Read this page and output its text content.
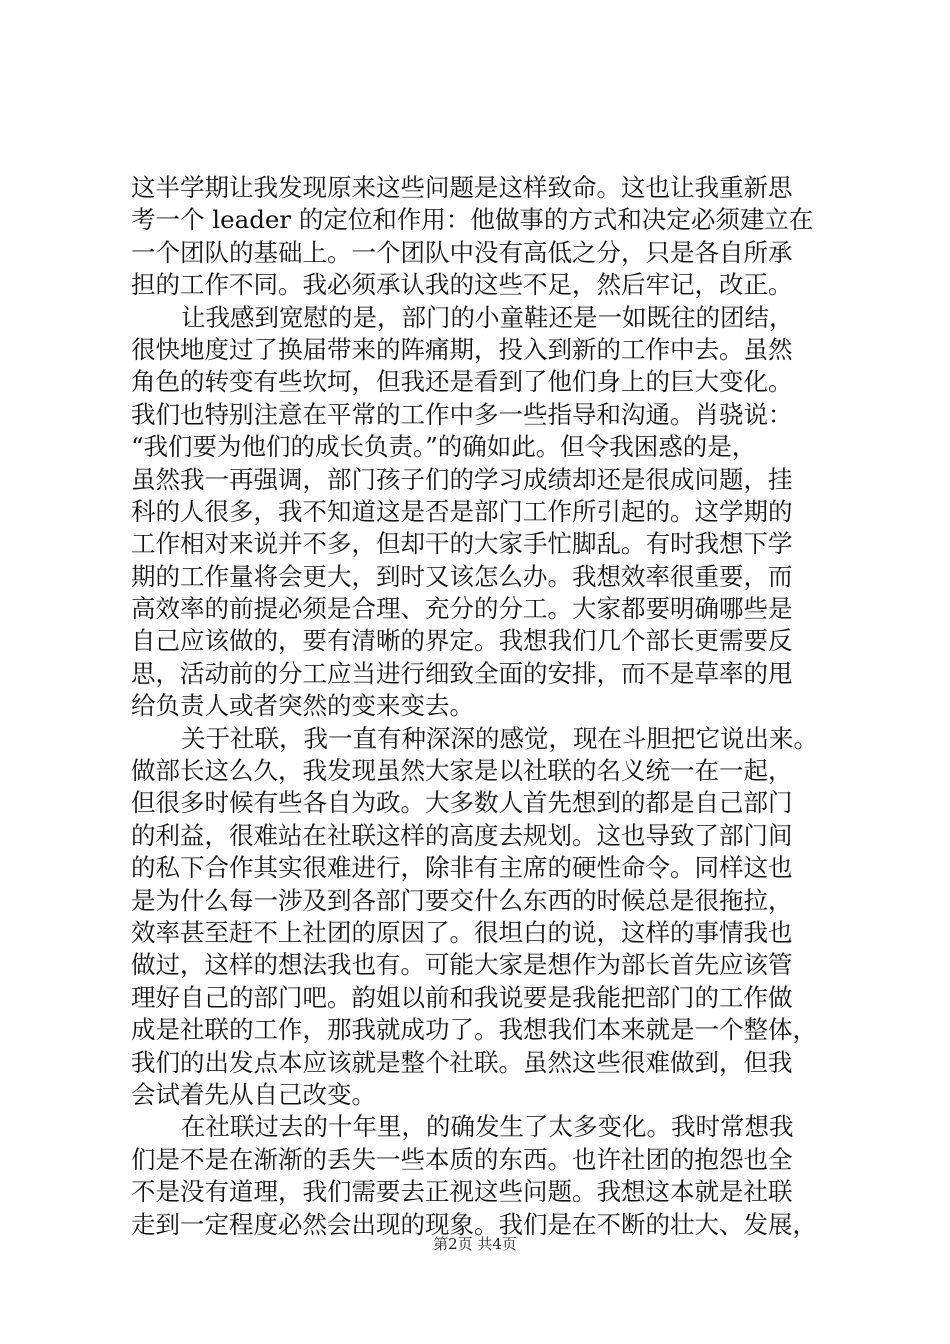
这半学期让我发现原来这些问题是这样致命。这也让我重新思
考一个 leader 的定位和作用：他做事的方式和决定必须建立在
一个团队的基础上。一个团队中没有高低之分，只是各自所承
担的工作不同。我必须承认我的这些不足，然后牢记，改正。
让我感到宽慰的是，部门的小童鞋还是一如既往的团结，
很快地度过了换届带来的阵痛期，投入到新的工作中去。虽然
角色的转变有些坎坷，但我还是看到了他们身上的巨大变化。
我们也特别注意在平常的工作中多一些指导和沟通。肖骁说：
“我们要为他们的成长负责。”的确如此。但令我困惑的是，
虽然我一再强调，部门孩子们的学习成绩却还是很成问题，挂
科的人很多，我不知道这是否是部门工作所引起的。这学期的
工作相对来说并不多，但却干的大家手忙脚乱。有时我想下学
期的工作量将会更大，到时又该怎么办。我想效率很重要，而
高效率的前提必须是合理、充分的分工。大家都要明确哪些是
自己应该做的，要有清晰的界定。我想我们几个部长更需要反
思，活动前的分工应当进行细致全面的安排，而不是草率的甩
给负责人或者突然的变来变去。
关于社联，我一直有种深深的感觉，现在斗胆把它说出来。
做部长这么久，我发现虽然大家是以社联的名义统一在一起，
但很多时候有些各自为政。大多数人首先想到的都是自己部门
的利益，很难站在社联这样的高度去规划。这也导致了部门间
的私下合作其实很难进行，除非有主席的硬性命令。同样这也
是为什么每一涉及到各部门要交什么东西的时候总是很拖拉，
效率甚至赶不上社团的原因了。很坦白的说，这样的事情我也
做过，这样的想法我也有。可能大家是想作为部长首先应该管
理好自己的部门吧。韵姐以前和我说要是我能把部门的工作做
成是社联的工作，那我就成功了。我想我们本来就是一个整体，
我们的出发点本应该就是整个社联。虽然这些很难做到，但我
会试着先从自己改变。
在社联过去的十年里，的确发生了太多变化。我时常想我
们是不是在渐渐的丢失一些本质的东西。也许社团的抱怨也全
不是没有道理，我们需要去正视这些问题。我想这本就是社联
走到一定程度必然会出现的现象。我们是在不断的壮大、发展，
第2页 共4页
